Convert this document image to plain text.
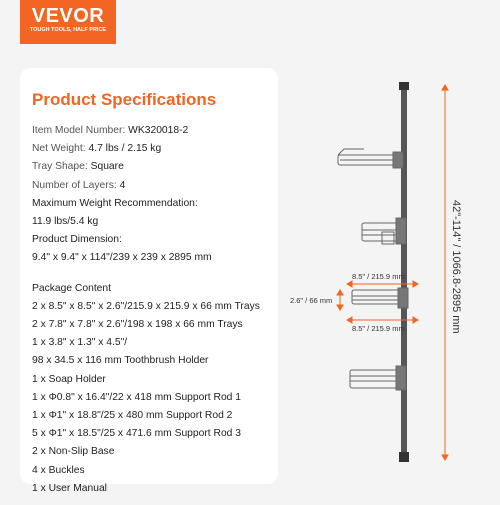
VEVOR
TOUGH TOOLS, HALF PRICE
Product Specifications
Item Model Number: WK320018-2
Net Weight: 4.7 lbs / 2.15 kg
Tray Shape: Square
Number of Layers: 4
Maximum Weight Recommendation:
11.9 lbs/5.4 kg
Product Dimension:
9.4" x 9.4" x 114"/239 x 239 x 2895 mm
Package Content
2 x 8.5" x 8.5" x 2.6"/215.9 x 215.9 x 66 mm Trays
2 x 7.8" x 7.8" x 2.6"/198 x 198 x 66 mm Trays
1 x 3.8" x 1.3" x 4.5"/
98 x 34.5 x 116 mm Toothbrush Holder
1 x Soap Holder
1 x Φ0.8" x 16.4"/22 x 418 mm Support Rod 1
1 x Φ1" x 18.8"/25 x 480 mm Support Rod 2
5 x Φ1" x 18.5"/25 x 471.6 mm Support Rod 3
2 x Non-Slip Base
4 x Buckles
1 x User Manual
8.5" / 215.9 mm
8.5" / 215.9 mm
2.6" / 66 mm	42"-114" / 1066.8-2895 mm
